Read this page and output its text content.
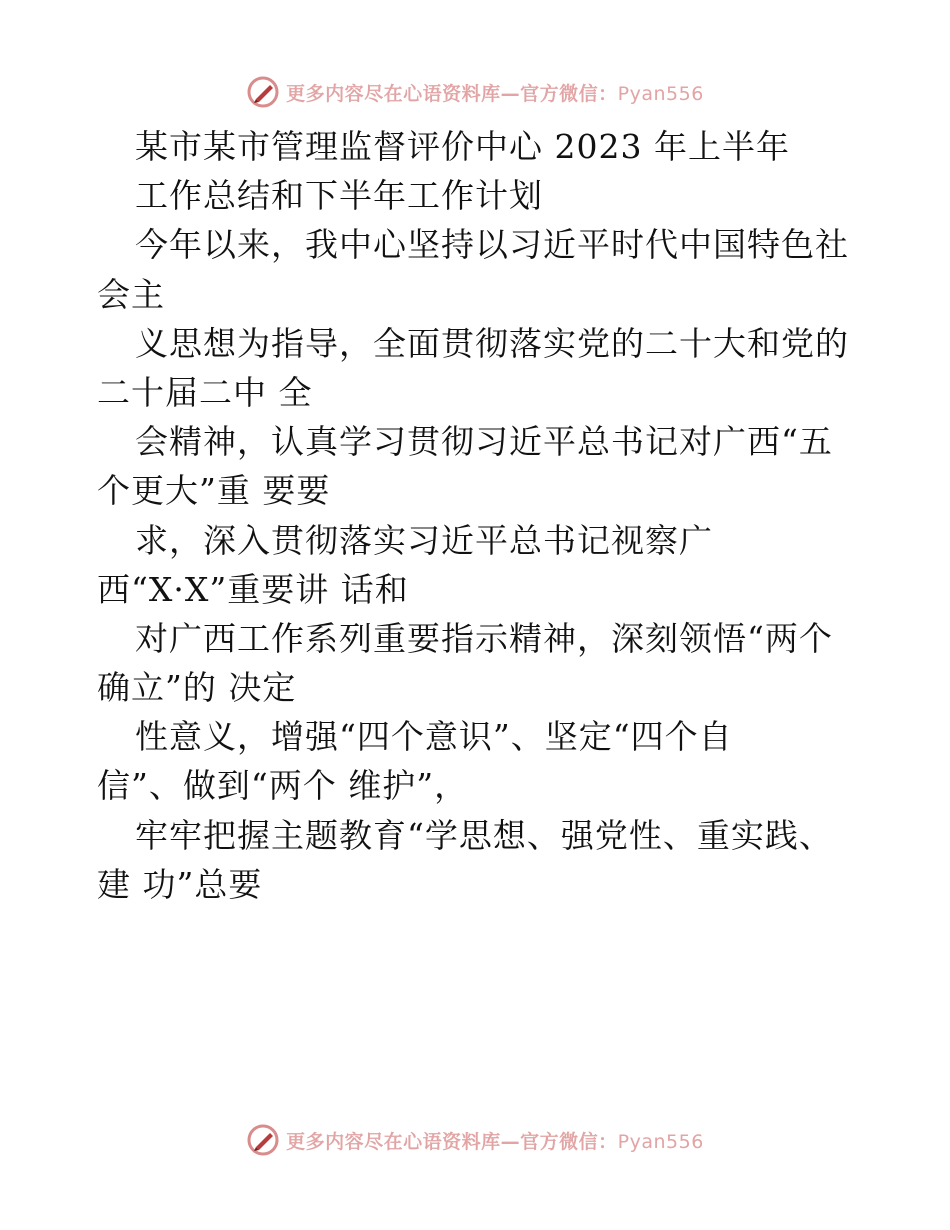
更多内容尽在心语资料库—官方微信：Pyan556
某市某市管理监督评价中心 2023 年上半年
工作总结和下半年工作计划
今年以来，我中心坚持以习近平时代中国特色社
会主
义思想为指导，全面贯彻落实党的二十大和党的
二十届二中 全
会精神，认真学习贯彻习近平总书记对广西“五
个更大”重 要要
求，深入贯彻落实习近平总书记视察广
西“X·X”重要讲 话和
对广西工作系列重要指示精神，深刻领悟“两个
确立”的 决定
性意义，增强“四个意识”、坚定“四个自
信”、做到“两个 维护”，
牢牢把握主题教育“学思想、强党性、重实践、
建 功”总要
更多内容尽在心语资料库—官方微信：Pyan556
